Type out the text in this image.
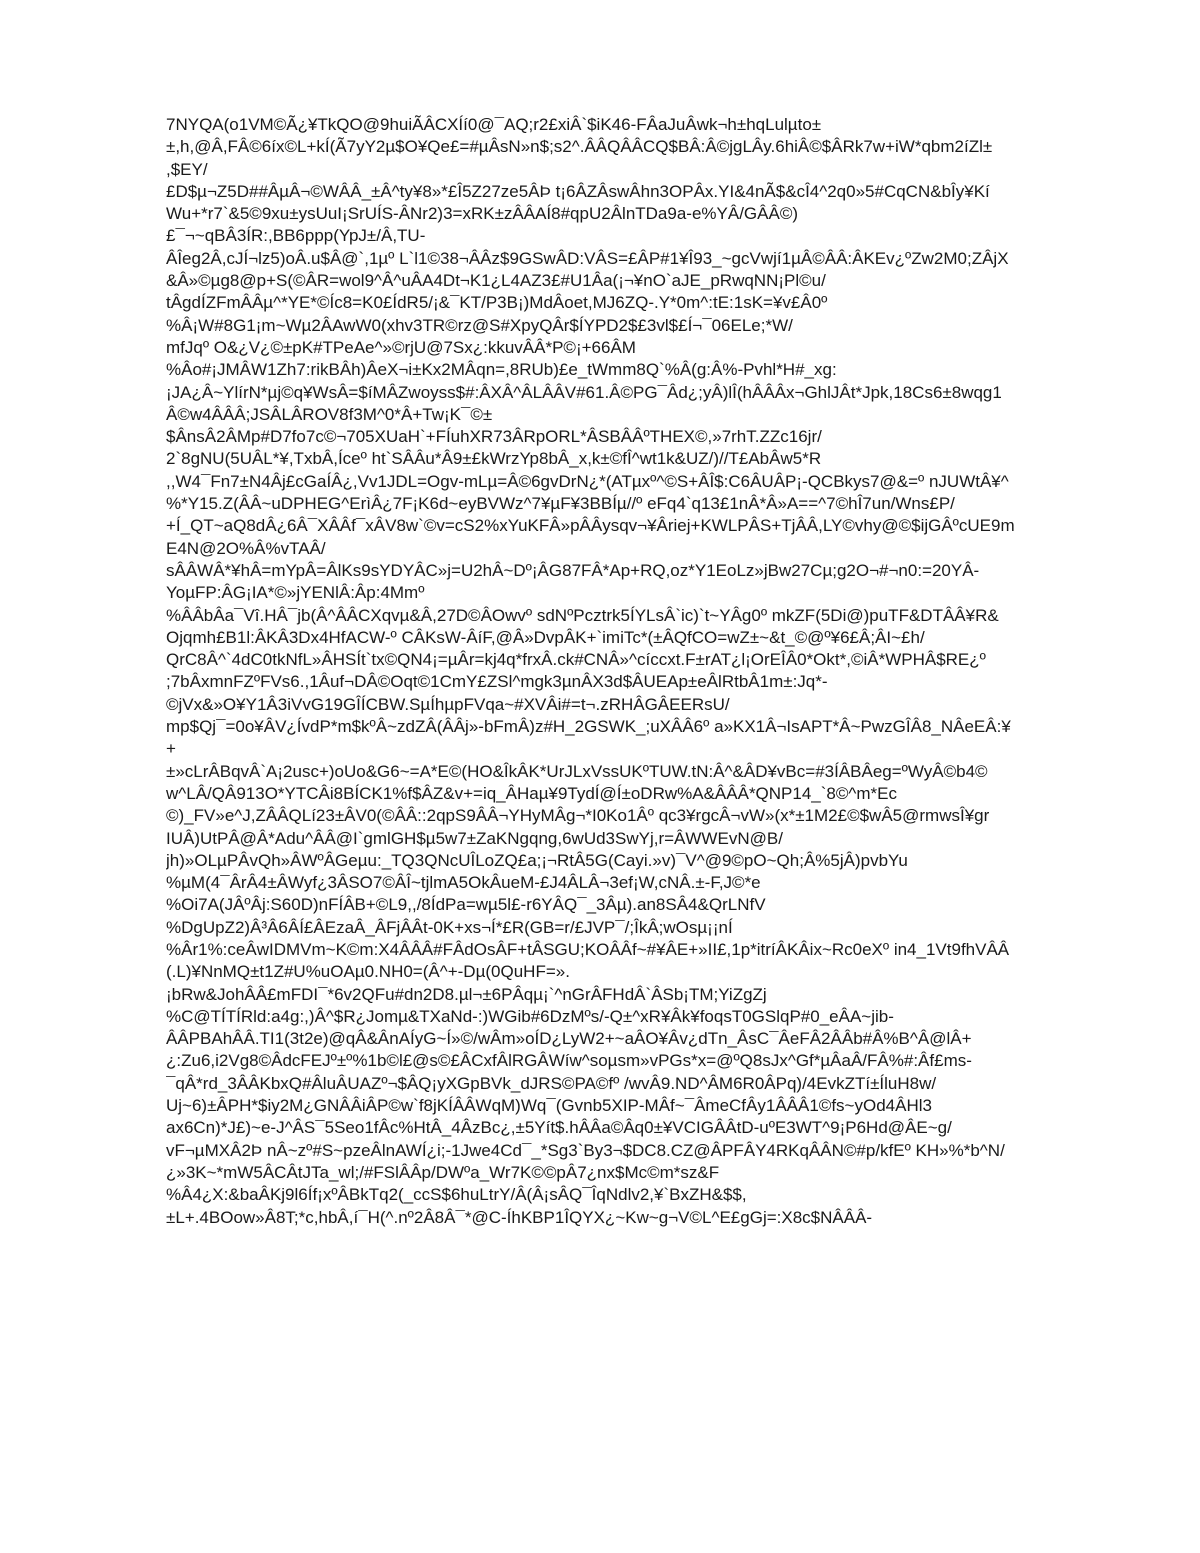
7NYQA(o1VM©Ã¿¥TkQO@9huiÃÂCXÍí0@¯AQ;r2£xiÂ`$iK46-FÂaJuÂwk¬h±hqLulµto±
±,h,@Â,FÂ©6íx©L+kÍ(Ã7yY2µ$O¥Qe£=#µÂsN»n$;s2^.ÂÂQÂÂCQ$BÂ:Â©jgLÂy.6hiÂ©$ÂRk7w+iW*qbm2íZl±
,$EY/
£D$µ¬Z5D##ÂµÂ¬©WÂÂ_±Â^ty¥8»*£Î5Z27ze5ÂÞ t¡6ÂZÂswÂhn3OPÂx.YI&4nÃ$&cÎ4^2q0»5#CqCN&bÎy¥Kí
Wu+*r7`&5©9xu±ysUuI¡SrUÍS-ÂNr2)3=xRK±zÂÂAÍ8#qpU2ÂlnTDa9a-e%YÂ/GÂÂ©)
£¯¬~qBÂ3ÍR:,BB6ppp(YpJ±/Â,TU-
ÂÎeg2Â,cJÍ¬lz5)oÂ.u$Â@`,1µº L`l1©38¬ÂÂz$9GSwÂD:VÂS=£ÂP#1¥Î93_~gcVwjí1µÂ©ÂÂ:ÂKEv¿ºZw2M0;ZÂjX
&Â»©µg8@p+S(©ÂR=wol9^Â^uÂA4Dt¬K1¿L4AZ3£#U1Âa(¡¬¥nO`aJE_pRwqNN¡Pl©u/
tÂgdÍZFmÂÂµ^*YE*©Íc8=K0£ÍdR5/¡&¯KT/P3B¡)MdÂoet,MJ6ZQ-.Y*0m^:tE:1sK=¥v£Â0º
%Â¡W#8G1¡m~Wµ2ÂAwW0(xhv3TR©rz@S#XpyQÂr$ÍYPD2$£3vl$£Í¬¯06ELe;*W/
mfJqº O&¿V¿©±pK#TPeAe^»©rjU@7Sx¿:kkuvÂÂ*P©¡+66ÂM
%Âo#¡JMÂW1Zh7:rikBÂh)ÂeX¬i±Kx2MÂqn=,8RUb)£e_tWmm8Q`%Â(g:Â%-Pvhl*H#_xg:
¡JA¿Â~YlírN*µj©q¥WsÂ=$íMÂZwoyss$#:ÂXÂ^ÂLÂÂV#61.Â©PG¯Âd¿;yÂ)lÎ(hÂÂÂx¬GhlJÂt*Jpk,18Cs6±8wqg1
Â©w4ÂÂÂ;JSÂLÂROV8f3M^0*Â+Tw¡K¯©±
$ÂnsÂ2ÂMp#D7fo7c©¬705XUaH`+FÍuhXR73ÂRpORL*ÂSBÂÂºTHEX©,»7rhT.ZZc16jr/
2`8gNU(5UÂL*¥,TxbÂ,Íceº ht`SÂÂu*Â9±£kWrzYp8bÂ_x,k±©fÎ^wt1k&UZ/)//T£AbÂw5*R
,,W4¯Fn7±N4Âj£cGaÍÂ¿,Vv1JDL=Ogv-mLµ=Â©6gvDrN¿*(ATµxº^©S+ÂÎ$:C6ÂUÂP¡-QCBkys7@&=º nJUWtÂ¥^
%*Y15.Z(ÂÂ~uDPHEG^ErìÂ¿7F¡K6d~eyBVWz^7¥µF¥3BBÍµ//º eFq4`q13£1nÂ*Â»A==^7©hÎ7un/Wns£P/
+Í_QT~aQ8dÂ¿6Â¯XÂÂf¯xÂV8w`©v=cS2%xYuKFÂ»pÂÂysqv¬¥Âriej+KWLPÂS+TjÂÂ,LY©vhy@©$ijGÂºcUE9m
E4N@2O%Â%vTAÂ/
sÂÂWÂ*¥hÂ=mYpÂ=ÂlKs9sYDYÂC»j=U2hÂ~Dº¡ÂG87FÂ*Ap+RQ,oz*Y1EoLz»jBw27Cµ;g2O¬#¬n0:=20YÂ-
YoµFP:ÂG¡IA*©»jYENlÂ:Âp:4Mmº
%ÂÂbÂa¯Vî.HÂ¯jb(Â^ÂÂCXqvµ&Â,27D©ÂOwvº sdNºPcztrk5ÍYLsÂ`ic)`t~YÂg0º mkZF(5Di@)puTF&DTÂÂ¥R&
Ojqmh£B1l:ÂKÂ3Dx4HfACW-º CÂKsW-ÂíF,@Â»DvpÂK+`imiTc*(±ÂQfCO=wZ±~&t_©@º¥6£Â;ÂI~£h/
QrC8Â^`4dC0tkNfL»ÂHSÍt`tx©QN4¡=µÂr=kj4q*frxÂ.ck#CNÂ»^cíccxt.F±rAT¿l¡OrEÎÂ0*Okt*,©iÂ*WPHÂ$RE¿º
;7bÂxmnFZºFVs6.,1Âuf¬DÂ©Oqt©1CmY£ZSl^mgk3µnÂX3d$ÂUEAp±eÂlRtbÂ1m±:Jq*-
©jVx&»O¥Y1Â3iVvG19GÎÍCBW.SµÍhµpFVqa~#XVÂi#=t¬.zRHÂGÂEERsU/
mp$Qj¯=0o¥ÂV¿ÍvdP*m$kºÂ~zdZÂ(ÂÂj»-bFmÂ)z#H_2GSWK_;uXÂÂ6º a»KX1Â¬IsAPT*Â~PwzGÎÂ8_NÂeEÂ:¥
+
±»cLrÂBqvÂ`A¡2usc+)oUo&G6~=A*E©(HO&ÎkÂK*UrJLxVssUKºTUW.tN:Â^&ÂD¥vBc=#3ÍÂBÂeg=ºWyÂ©b4©
w^LÂ/QÂ913O*YTCÂi8BÍCK1%f$ÂZ&v+=iq_ÂHaµ¥9TydÍ@Í±oDRw%A&ÂÂÂ*QNP14_`8©^m*Ec
©)_FV»e^J,ZÂÂQLí23±ÂV0(©ÂÂ::2qpS9ÂÂ¬YHyMÂg¬*I0Ko1Âº qc3¥rgcÂ¬vW»(x*±1M2£©$wÂ5@rmwsÎ¥gr
IUÂ)UtPÂ@Â*Adu^ÂÂ@I`gmlGH$µ5w7±ZaKNgqng,6wUd3SwYj,r=ÂWWEvN@B/
jh)»OLµPÂvQh»ÂWºÂGeµu:_TQ3QNcUÎLoZQ£a;¡¬RtÂ5G(Cayi.»v)¯V^@9©pO~Qh;Â%5jÂ)pvbYu
%µM(4¯ÂrÂ4±ÂWyf¿3ÂSO7©ÂÎ~tjlmA5OkÂueM-£J4ÂLÂ¬3ef¡W,cNÂ.±-F,J©*e
%Oi7A(JÂºÂj:S60D)nFÍÂB+©L9,,/8ÍdPa=wµ5l£-r6YÂQ¯_3Âµ).an8SÂ4&QrLNfV
%DgUpZ2)Â³Â6ÂÍ£ÂEzaÂ_ÂFjÂÂt-0K+xs¬Í*£R(GB=r/£JVP¯/;ÎkÂ;wOsµ¡¡nÍ
%Âr1%:ceÂwIDMVm~K©m:X4ÂÂÂ#FÂdOsÂF+tÂSGU;KOÂÂf~#¥ÂE+»II£,1p*itríÂKÂix~Rc0eXº in4_1Vt9fhVÂÂ
(.L)¥NnMQ±t1Z#U%uOAµ0.NH0=(Â^+-Dµ(0QuHF=».
¡bRw&JohÂÂ£mFDI¯*6v2QFu#dn2D8.µl¬±6PÂqµ¡`^nGrÂFHdÂ`ÂSb¡TM;YiZgZj
%C@TÍTÍRld:a4g:,)Â^$R¿Jomµ&TXaNd-:)WGib#6DzMºs/-Q±^xR¥Âk¥foqsT0GSlqP#0_eÂA~jib-
ÂÂPBAhÂÂ.TI1(3t2e)@qÂ&ÂnAÍyG~Í»©/wÂm»oÍD¿LyW2+~aÂO¥Âv¿dTn_ÂsC¯ÂeFÂ2ÂÂb#Â%B^Â@lÂ+
¿:Zu6,i2Vg8©ÂdcFEJº±º%1b©l£@s©£ÂCxfÂlRGÂWíw^soµsm»vPGs*x=@ºQ8sJx^Gf*µÂaÂ/FÂ%#:Âf£ms-
¯qÂ*rd_3ÂÂKbxQ#ÂluÂUAZº¬$ÂQ¡yXGpBVk_dJRS©PA©fº /wvÂ9.ND^ÂM6R0ÂPq)/4EvkZTí±ÍluH8w/
Uj~6)±ÂPH*$iy2M¿GNÂÂiÂP©w`f8jKÍÂÂWqM)Wq¯(Gvnb5XIP-MÂf~¯ÂmeCfÂy1ÂÂÂ1©fs~yOd4ÂHl3
ax6Cn)*J£)~e-J^ÂS¯5Seo1fÂc%HtÂ_4ÂzBc¿,±5Yít$.hÂÂa©Âq0±¥VCIGÂÂtD-uºE3WT^9¡P6Hd@ÂE~g/
vF¬µMXÂ2Þ nÂ~zº#S~pzeÂlnAWÍ¿i;-1Jwe4Cd¯_*Sg3`By3¬$DC8.CZ@ÂPFÂY4RKqÂÂN©#p/kfEº KH»%*b^N/
¿»3K~*mW5ÂCÂtJTa_wl;/#FSlÂÂp/DWºa_Wr7K©©pÂ7¿nx$Mc©m*sz&F
%Â4¿X:&baÂKj9l6Íf¡xºÂBkTq2(_ccS$6huLtrY/Â(Â¡sÂQ¯ÎqNdlv2,¥`BxZH&$$,
±L+.4BOow»Â8T;*c,hbÂ,í¯H(^.nº2Â8Â¯*@C-ÍhKBP1ÎQYX¿~Kw~g¬V©L^E£gGj=:X8c$NÂÂÂ-
